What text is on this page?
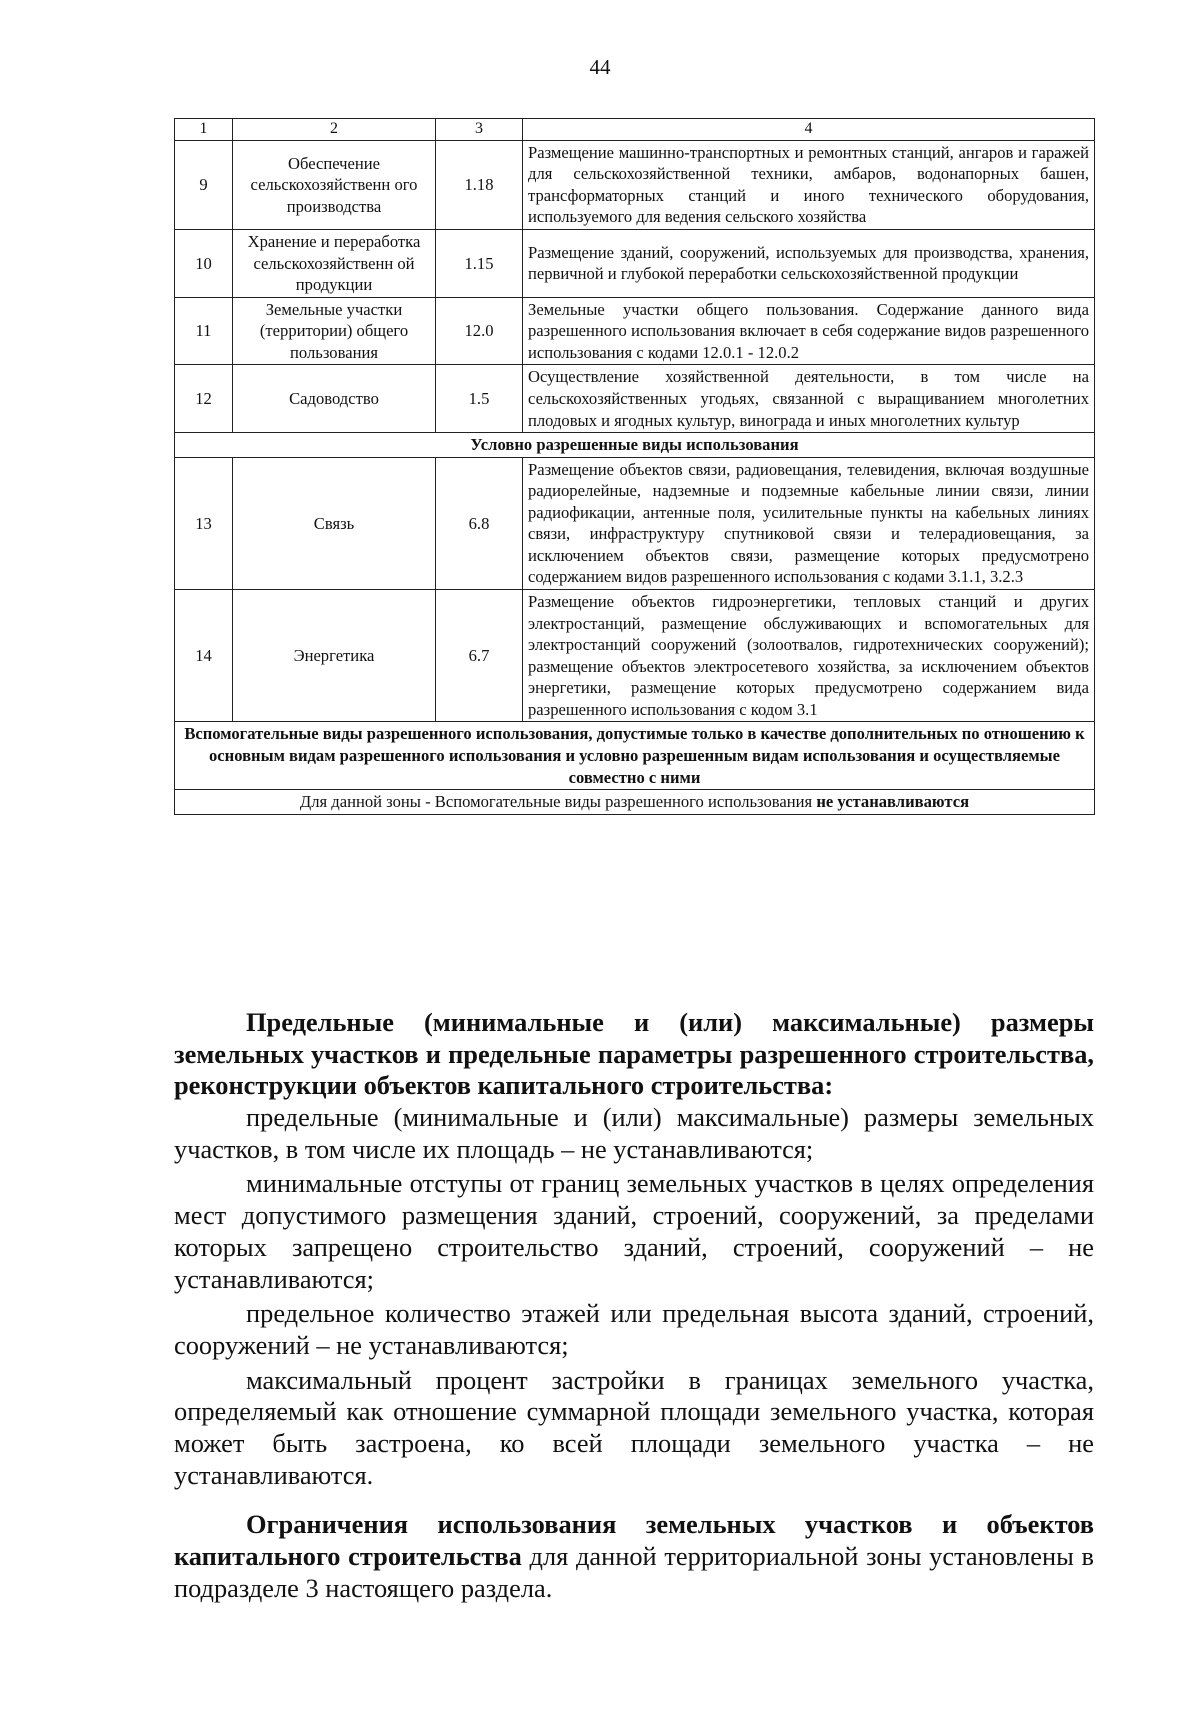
44
1	2	3	4
9	Обеспечение сельскохозяйственн ого производства	1.18	Размещение машинно-транспортных и ремонтных станций, ангаров и гаражей для сельскохозяйственной техники, амбаров, водонапорных башен, трансформаторных станций и иного технического оборудования, используемого для ведения сельского хозяйства
10	Хранение и переработка сельскохозяйственн ой продукции	1.15	Размещение зданий, сооружений, используемых для производства, хранения, первичной и глубокой переработки сельскохозяйственной продукции
11	Земельные участки (территории) общего пользования	12.0	Земельные участки общего пользования. Содержание данного вида разрешенного использования включает в себя содержание видов разрешенного использования с кодами 12.0.1 - 12.0.2
12	Садоводство	1.5	Осуществление хозяйственной деятельности, в том числе на сельскохозяйственных угодьях, связанной с выращиванием многолетних плодовых и ягодных культур, винограда и иных многолетних культур
Условно разрешенные виды использования			
13	Связь	6.8	Размещение объектов связи, радиовещания, телевидения, включая воздушные радиорелейные, надземные и подземные кабельные линии связи, линии радиофикации, антенные поля, усилительные пункты на кабельных линиях связи, инфраструктуру спутниковой связи и телерадиовещания, за исключением объектов связи, размещение которых предусмотрено содержанием видов разрешенного использования с кодами 3.1.1, 3.2.3
14	Энергетика	6.7	Размещение объектов гидроэнергетики, тепловых станций и других электростанций, размещение обслуживающих и вспомогательных для электростанций сооружений (золоотвалов, гидротехнических сооружений); размещение объектов электросетевого хозяйства, за исключением объектов энергетики, размещение которых предусмотрено содержанием вида разрешенного использования с кодом 3.1
Вспомогательные виды разрешенного использования, допустимые только в качестве дополнительных по отношению к основным видам разрешенного использования и условно разрешенным видам использования и осуществляемые совместно с ними			
Для данной зоны - Вспомогательные виды разрешенного использования не устанавливаются			

Предельные (минимальные и (или) максимальные) размеры земельных участков и предельные параметры разрешенного строительства, реконструкции объектов капитального строительства:

предельные (минимальные и (или) максимальные) размеры земельных участков, в том числе их площадь – не устанавливаются;

минимальные отступы от границ земельных участков в целях определения мест допустимого размещения зданий, строений, сооружений, за пределами которых запрещено строительство зданий, строений, сооружений – не устанавливаются;

предельное количество этажей или предельная высота зданий, строений, сооружений – не устанавливаются;

максимальный процент застройки в границах земельного участка, определяемый как отношение суммарной площади земельного участка, которая может быть застроена, ко всей площади земельного участка – не устанавливаются.

Ограничения использования земельных участков и объектов капитального строительства для данной территориальной зоны установлены в подразделе 3 настоящего раздела.
